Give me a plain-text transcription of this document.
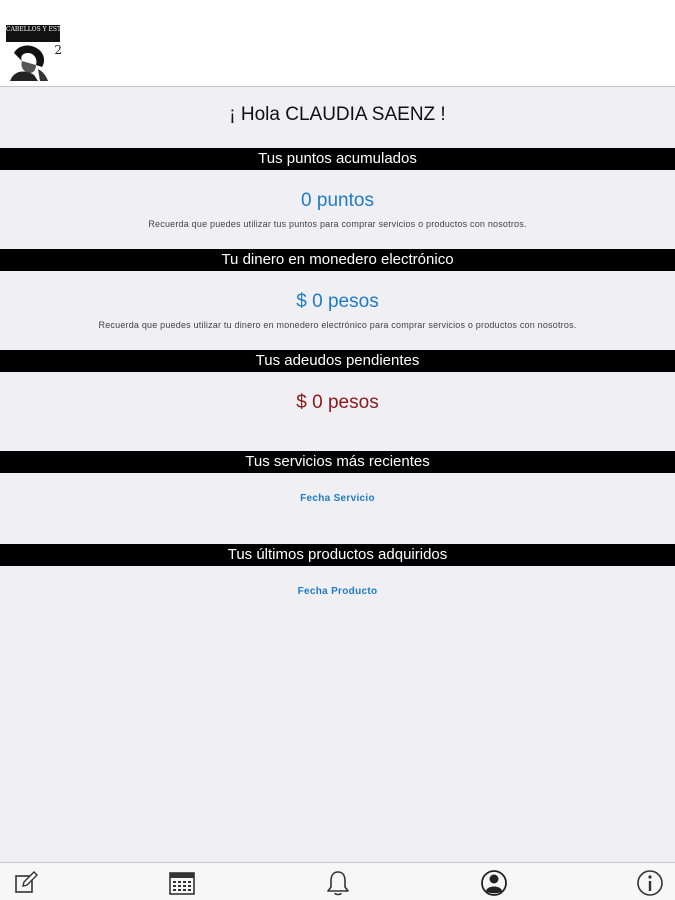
CABELLOS Y ESTILO
2
¡ Hola CLAUDIA SAENZ !
Tus puntos acumulados
0 puntos
Recuerda que puedes utilizar tus puntos para comprar servicios o productos con nosotros.
Tu dinero en monedero electrónico
$ 0 pesos
Recuerda que puedes utilizar tu dinero en monedero electrónico para comprar servicios o productos con nosotros.
Tus adeudos pendientes
$ 0 pesos
Tus servicios más recientes
Fecha Servicio
Tus últimos productos adquiridos
Fecha Producto
